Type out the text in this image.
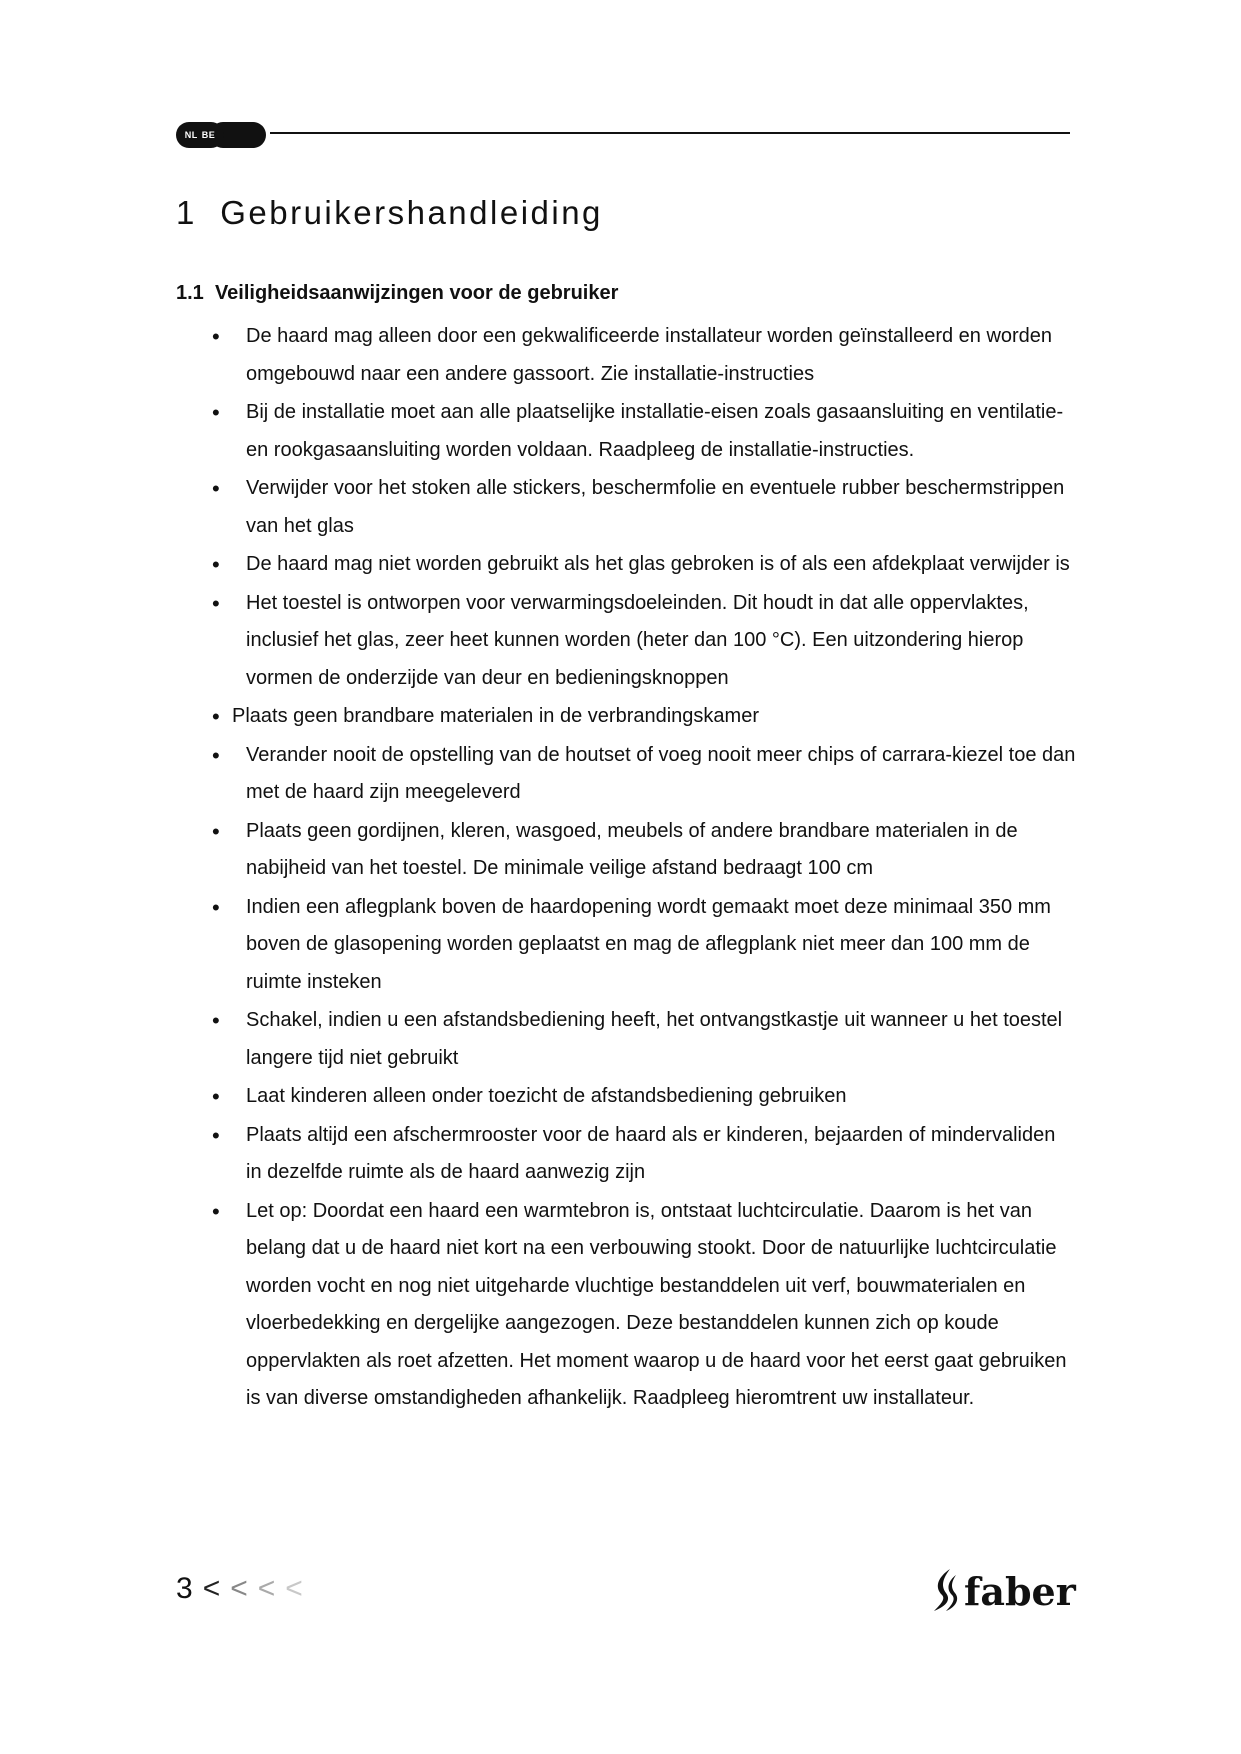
NL BE
1 Gebruikershandleiding
1.1 Veiligheidsaanwijzingen voor de gebruiker
• De haard mag alleen door een gekwalificeerde installateur worden geïnstalleerd en worden omgebouwd naar een andere gassoort. Zie installatie-instructies
• Bij de installatie moet aan alle plaatselijke installatie-eisen zoals gasaansluiting en ventilatie- en rookgasaansluiting worden voldaan. Raadpleeg de installatie-instructies.
• Verwijder voor het stoken alle stickers, beschermfolie en eventuele rubber beschermstrippen van het glas
• De haard mag niet worden gebruikt als het glas gebroken is of als een afdekplaat verwijder is
• Het toestel is ontworpen voor verwarmingsdoeleinden. Dit houdt in dat alle oppervlaktes, inclusief het glas, zeer heet kunnen worden (heter dan 100 °C). Een uitzondering hierop vormen de onderzijde van deur en bedieningsknoppen
• Plaats geen brandbare materialen in de verbrandingskamer
• Verander nooit de opstelling van de houtset of voeg nooit meer chips of carrara-kiezel toe dan met de haard zijn meegeleverd
• Plaats geen gordijnen, kleren, wasgoed, meubels of andere brandbare materialen in de nabijheid van het toestel. De minimale veilige afstand bedraagt 100 cm
• Indien een aflegplank boven de haardopening wordt gemaakt moet deze minimaal 350 mm boven de glasopening worden geplaatst en mag de aflegplank niet meer dan 100 mm de ruimte insteken
• Schakel, indien u een afstandsbediening heeft, het ontvangstkastje uit wanneer u het toestel langere tijd niet gebruikt
• Laat kinderen alleen onder toezicht de afstandsbediening gebruiken
• Plaats altijd een afschermrooster voor de haard als er kinderen, bejaarden of mindervaliden in dezelfde ruimte als de haard aanwezig zijn
• Let op: Doordat een haard een warmtebron is, ontstaat luchtcirculatie. Daarom is het van belang dat u de haard niet kort na een verbouwing stookt. Door de natuurlijke luchtcirculatie worden vocht en nog niet uitgeharde vluchtige bestanddelen uit verf, bouwmaterialen en vloerbedekking en dergelijke aangezogen. Deze bestanddelen kunnen zich op koude oppervlakten als roet afzetten. Het moment waarop u de haard voor het eerst gaat gebruiken is van diverse omstandigheden afhankelijk. Raadpleeg hieromtrent uw installateur.
3 < < < <	faber
